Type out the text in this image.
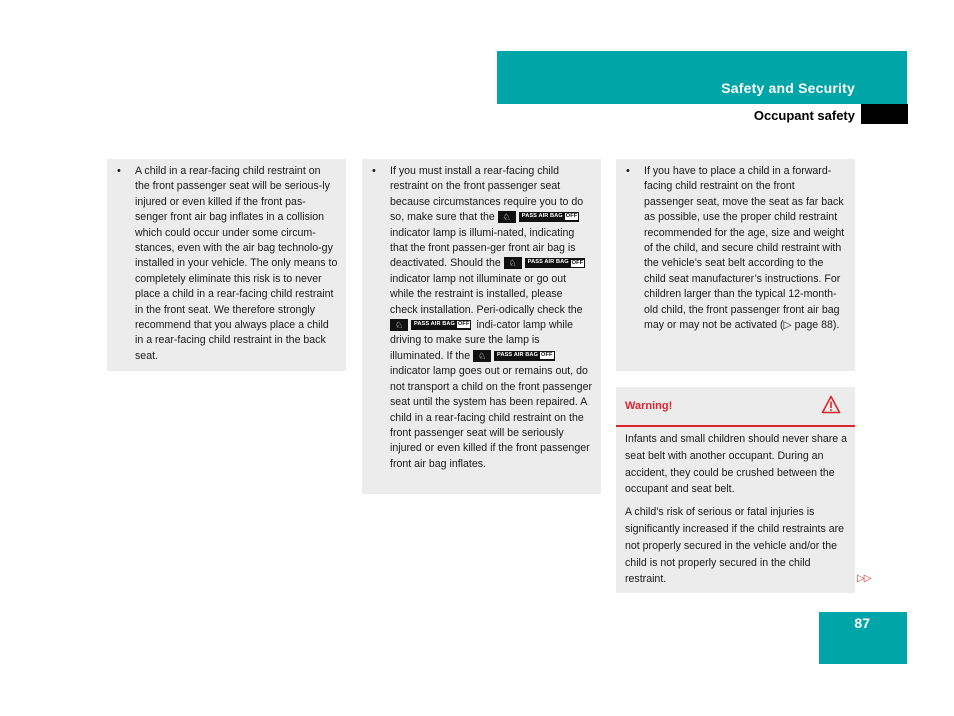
Safety and Security
Occupant safety
• A child in a rear-facing child restraint on the front passenger seat will be serious-ly injured or even killed if the front pas-senger front air bag inflates in a collision which could occur under some circum-stances, even with the air bag technolo-gy installed in your vehicle. The only means to completely eliminate this risk is to never place a child in a rear-facing child restraint in the front seat. We therefore strongly recommend that you always place a child in a rear-facing child restraint in the back seat.
• If you must install a rear-facing child restraint on the front passenger seat because circumstances require you to do so, make sure that the ♘	PASS AIR BAG OFF
indicator lamp is illumi-nated, indicating that the front passen-ger front air bag is deactivated. Should the ♘	PASS AIR BAG OFF
indicator lamp not illuminate or go out while the restraint is installed, please check installation. Peri-odically check the
♘	PASS AIR BAG OFF indi-cator lamp while driving to make sure the lamp is illuminated. If the ♘	PASS AIR BAG OFF
indicator lamp goes out or remains out, do not transport a child on the front passenger seat until the system has been repaired. A child in a rear-facing child restraint on the front passenger seat will be seriously injured or even killed if the front passenger front air bag inflates.
• If you have to place a child in a forward-facing child restraint on the front passenger seat, move the seat as far back as possible, use the proper child restraint recommended for the age, size and weight of the child, and secure child restraint with the vehicle’s seat belt according to the child seat manufacturer’s instructions. For children larger than the typical 12-month-old child, the front passenger front air bag may or may not be activated (▷ page 88).
Warning!

Infants and small children should never share a seat belt with another occupant. During an accident, they could be crushed between the occupant and seat belt.

A child’s risk of serious or fatal injuries is significantly increased if the child restraints are not properly secured in the vehicle and/or the child is not properly secured in the child restraint.	▷▷
87
